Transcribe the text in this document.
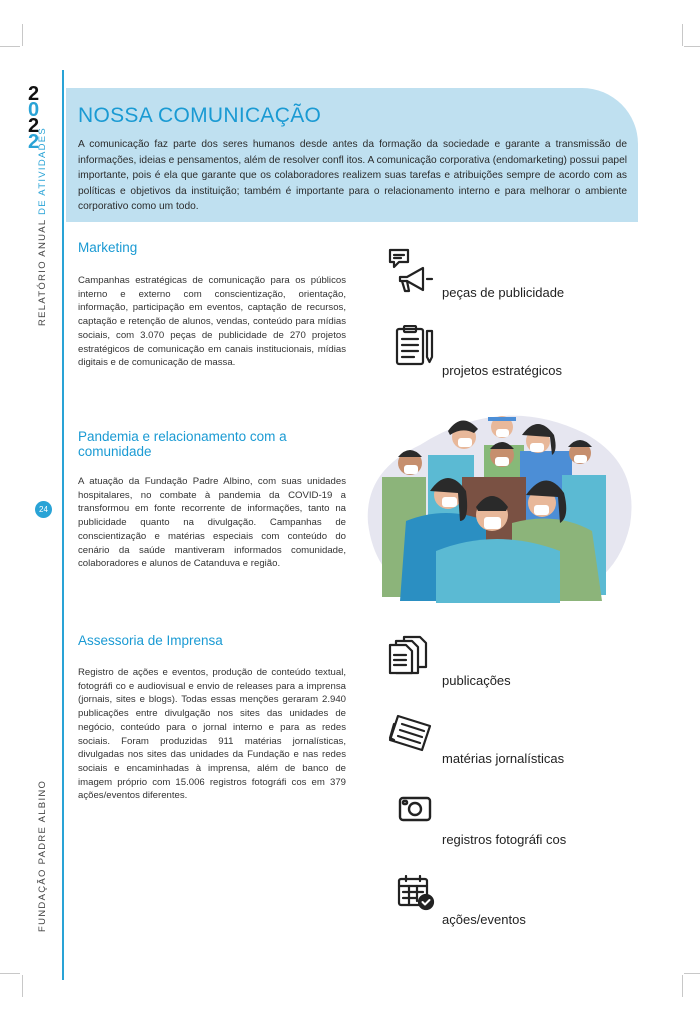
2
0
2
2
RELATÓRIO ANUAL DE ATIVIDADES
24
FUNDAÇÃO PADRE ALBINO
NOSSA COMUNICAÇÃO
A comunicação faz parte dos seres humanos desde antes da formação da sociedade e garante a transmissão de informações, ideias e pensamentos, além de resolver confl itos. A comunicação corporativa (endomarketing) possui papel importante, pois é ela que garante que os colaboradores realizem suas tarefas e atribuições sempre de acordo com as políticas e objetivos da instituição; também é importante para o relacionamento interno e para melhorar o ambiente corporativo como um todo.
Marketing
Campanhas estratégicas de comunicação para os públicos interno e externo com conscientização, orientação, informação, participação em eventos, captação de recursos, captação e retenção de alunos, vendas, conteúdo para mídias sociais, com 3.070 peças de publicidade de 270 projetos estratégicos de comunicação em canais institucionais, mídias digitais e de comunicação de massa.
Pandemia e relacionamento com a comunidade
A atuação da Fundação Padre Albino, com suas unidades hospitalares, no combate à pandemia da COVID-19 a transformou em fonte recorrente de informações, tanto na publicidade quanto na divulgação. Campanhas de conscientização e matérias especiais com conteúdo do cenário da saúde mantiveram informados comunidade, colaboradores e alunos de Catanduva e região.
Assessoria de Imprensa
Registro de ações e eventos, produção de conteúdo textual, fotográfi co e audiovisual e envio de releases para a imprensa (jornais, sites e blogs). Todas essas menções geraram 2.940 publicações entre divulgação nos sites das unidades de negócio, conteúdo para o jornal interno e para as redes sociais. Foram produzidas 911 matérias jornalísticas, divulgadas nos sites das unidades da Fundação e nas redes sociais e encaminhadas à imprensa, além de banco de imagem próprio com 15.006 registros fotográfi cos em 379 ações/eventos diferentes.
peças de publicidade
projetos estratégicos
publicações
matérias jornalísticas
registros fotográfi cos
ações/eventos
